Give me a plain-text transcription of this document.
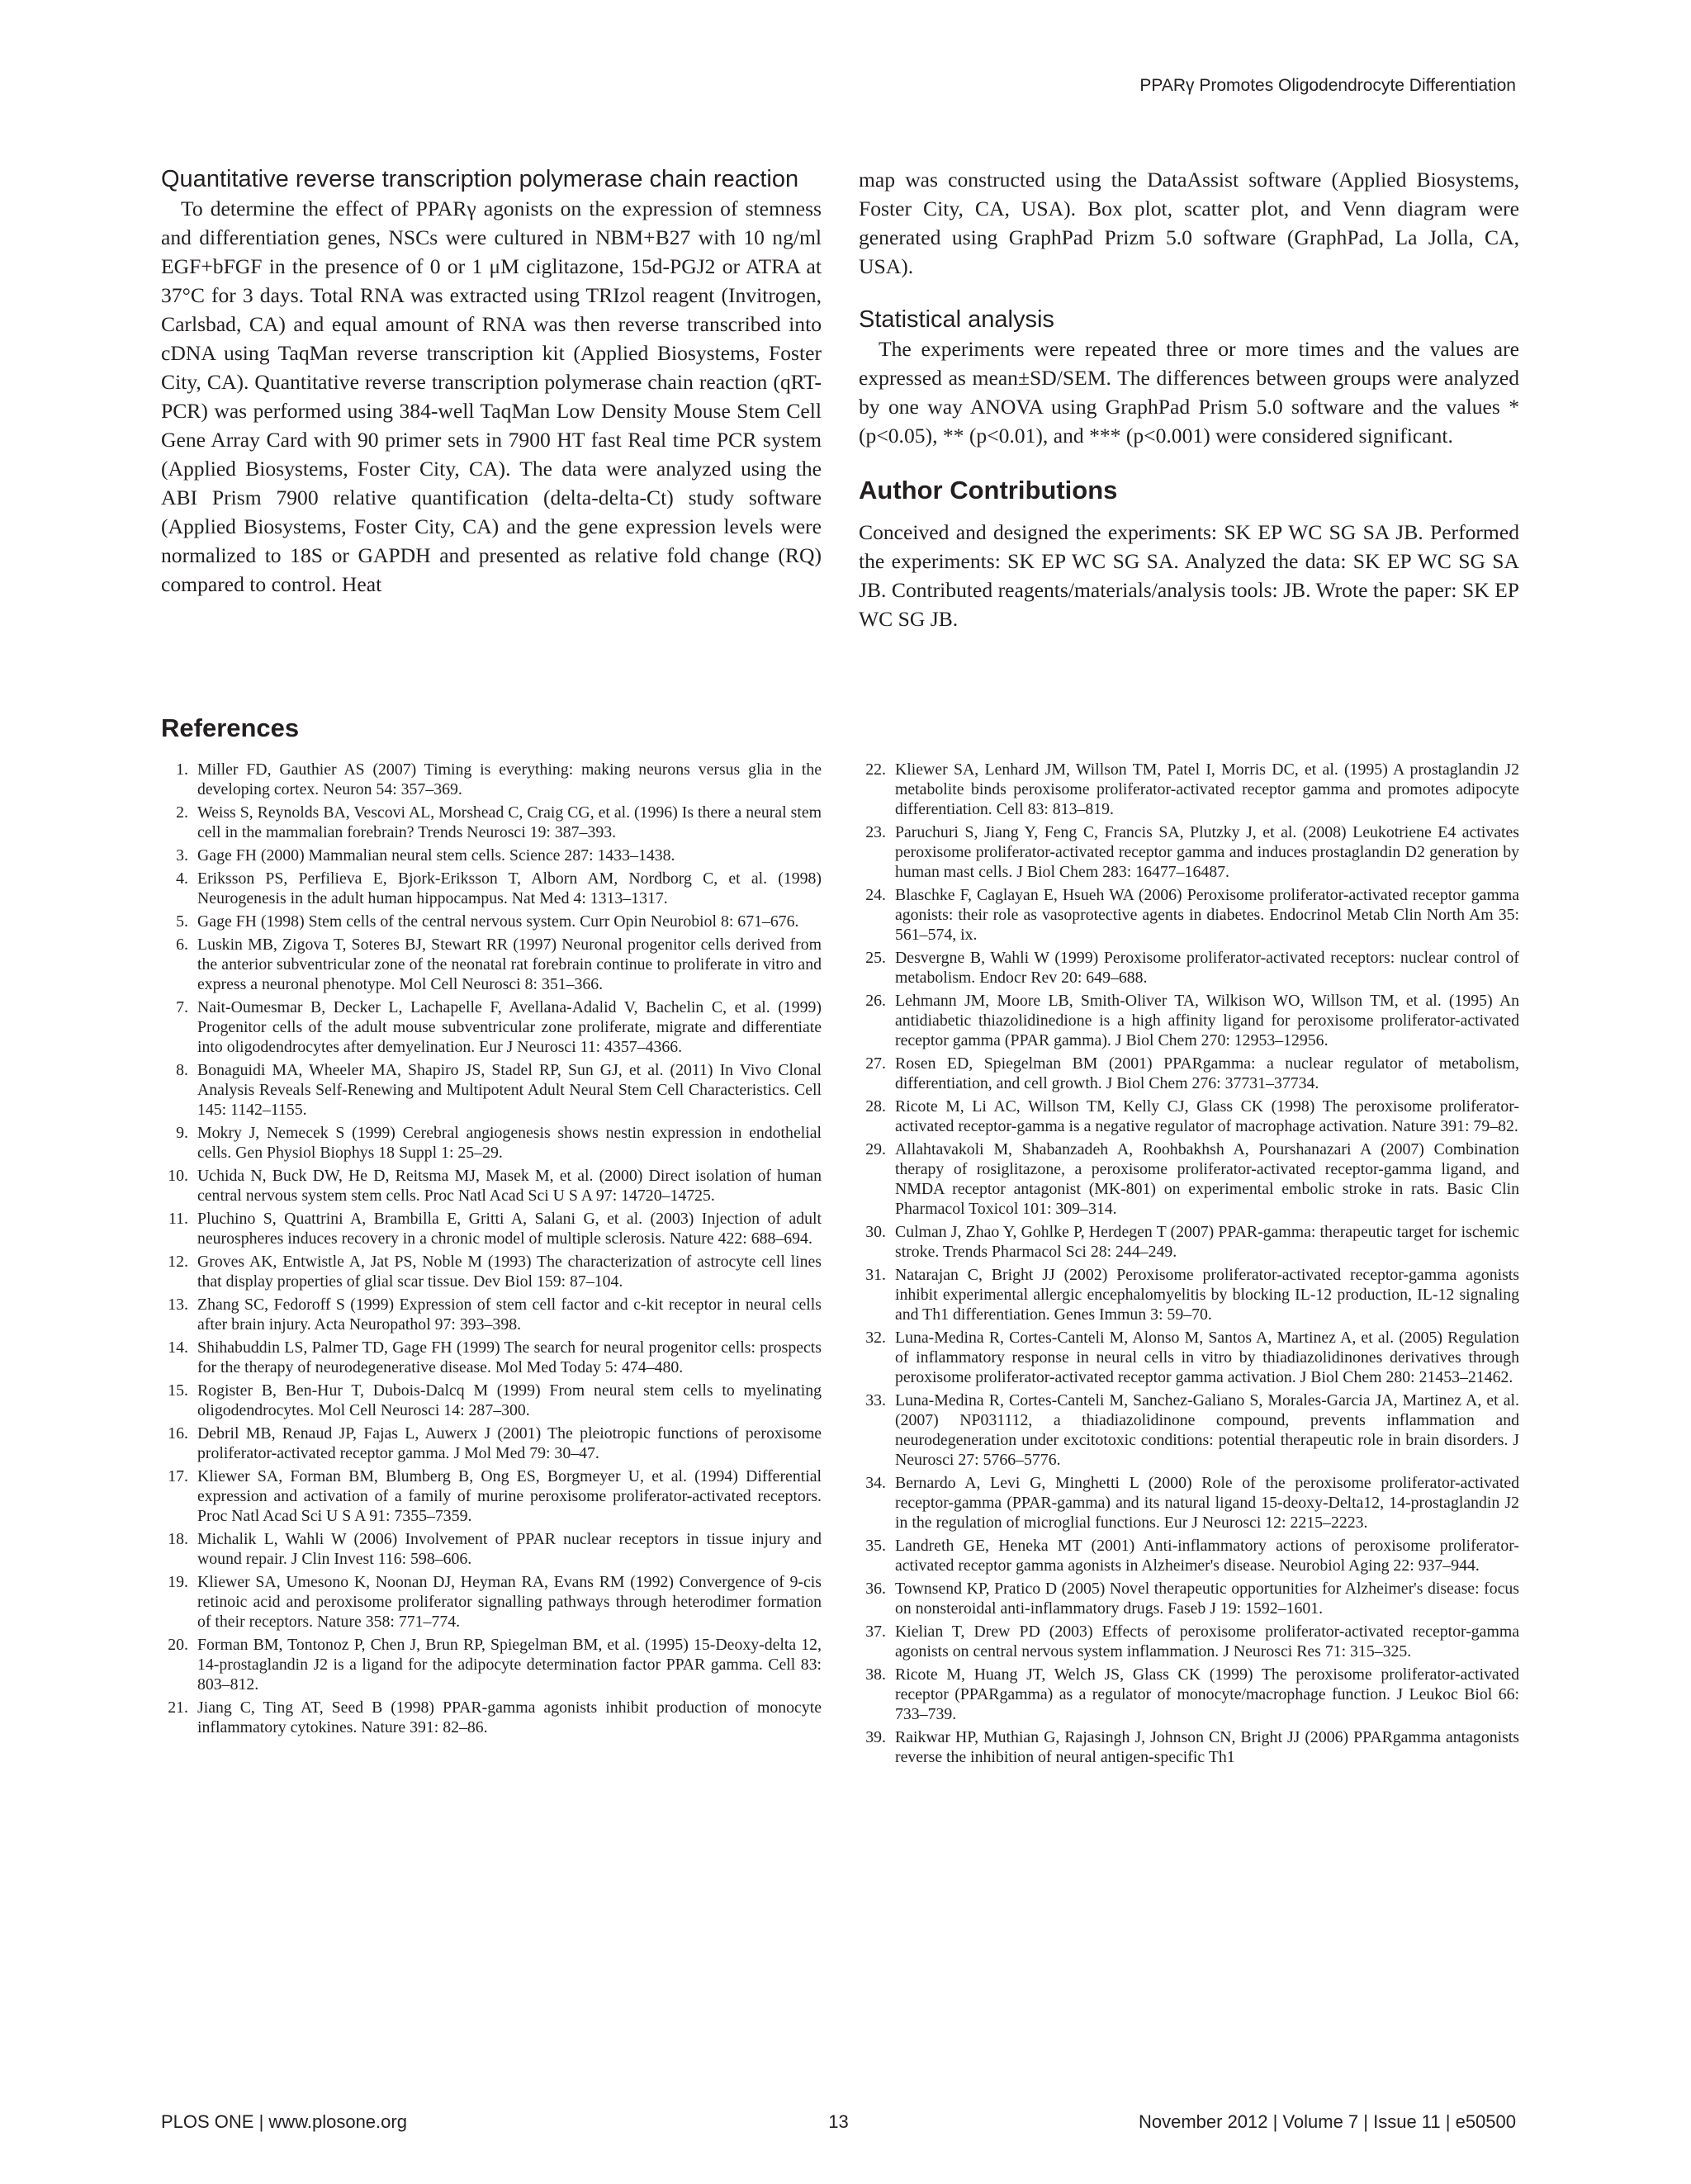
PPARγ Promotes Oligodendrocyte Differentiation
Quantitative reverse transcription polymerase chain reaction

To determine the effect of PPARγ agonists on the expression of stemness and differentiation genes, NSCs were cultured in NBM+B27 with 10 ng/ml EGF+bFGF in the presence of 0 or 1 μM ciglitazone, 15d-PGJ2 or ATRA at 37°C for 3 days. Total RNA was extracted using TRIzol reagent (Invitrogen, Carlsbad, CA) and equal amount of RNA was then reverse transcribed into cDNA using TaqMan reverse transcription kit (Applied Biosystems, Foster City, CA). Quantitative reverse transcription polymerase chain reaction (qRT-PCR) was performed using 384-well TaqMan Low Density Mouse Stem Cell Gene Array Card with 90 primer sets in 7900 HT fast Real time PCR system (Applied Biosystems, Foster City, CA). The data were analyzed using the ABI Prism 7900 relative quantification (delta-delta-Ct) study software (Applied Biosystems, Foster City, CA) and the gene expression levels were normalized to 18S or GAPDH and presented as relative fold change (RQ) compared to control. Heat

map was constructed using the DataAssist software (Applied Biosystems, Foster City, CA, USA). Box plot, scatter plot, and Venn diagram were generated using GraphPad Prizm 5.0 software (GraphPad, La Jolla, CA, USA).

Statistical analysis

The experiments were repeated three or more times and the values are expressed as mean±SD/SEM. The differences between groups were analyzed by one way ANOVA using GraphPad Prism 5.0 software and the values * (p<0.05), ** (p<0.01), and *** (p<0.001) were considered significant.

Author Contributions

Conceived and designed the experiments: SK EP WC SG SA JB. Performed the experiments: SK EP WC SG SA. Analyzed the data: SK EP WC SG SA JB. Contributed reagents/materials/analysis tools: JB. Wrote the paper: SK EP WC SG JB.

References
1. Miller FD, Gauthier AS (2007) Timing is everything: making neurons versus glia in the developing cortex. Neuron 54: 357–369.
2. Weiss S, Reynolds BA, Vescovi AL, Morshead C, Craig CG, et al. (1996) Is there a neural stem cell in the mammalian forebrain? Trends Neurosci 19: 387–393.
3. Gage FH (2000) Mammalian neural stem cells. Science 287: 1433–1438.
4. Eriksson PS, Perfilieva E, Bjork-Eriksson T, Alborn AM, Nordborg C, et al. (1998) Neurogenesis in the adult human hippocampus. Nat Med 4: 1313–1317.
5. Gage FH (1998) Stem cells of the central nervous system. Curr Opin Neurobiol 8: 671–676.
6. Luskin MB, Zigova T, Soteres BJ, Stewart RR (1997) Neuronal progenitor cells derived from the anterior subventricular zone of the neonatal rat forebrain continue to proliferate in vitro and express a neuronal phenotype. Mol Cell Neurosci 8: 351–366.
7. Nait-Oumesmar B, Decker L, Lachapelle F, Avellana-Adalid V, Bachelin C, et al. (1999) Progenitor cells of the adult mouse subventricular zone proliferate, migrate and differentiate into oligodendrocytes after demyelination. Eur J Neurosci 11: 4357–4366.
8. Bonaguidi MA, Wheeler MA, Shapiro JS, Stadel RP, Sun GJ, et al. (2011) In Vivo Clonal Analysis Reveals Self-Renewing and Multipotent Adult Neural Stem Cell Characteristics. Cell 145: 1142–1155.
9. Mokry J, Nemecek S (1999) Cerebral angiogenesis shows nestin expression in endothelial cells. Gen Physiol Biophys 18 Suppl 1: 25–29.
10. Uchida N, Buck DW, He D, Reitsma MJ, Masek M, et al. (2000) Direct isolation of human central nervous system stem cells. Proc Natl Acad Sci U S A 97: 14720–14725.
11. Pluchino S, Quattrini A, Brambilla E, Gritti A, Salani G, et al. (2003) Injection of adult neurospheres induces recovery in a chronic model of multiple sclerosis. Nature 422: 688–694.
12. Groves AK, Entwistle A, Jat PS, Noble M (1993) The characterization of astrocyte cell lines that display properties of glial scar tissue. Dev Biol 159: 87–104.
13. Zhang SC, Fedoroff S (1999) Expression of stem cell factor and c-kit receptor in neural cells after brain injury. Acta Neuropathol 97: 393–398.
14. Shihabuddin LS, Palmer TD, Gage FH (1999) The search for neural progenitor cells: prospects for the therapy of neurodegenerative disease. Mol Med Today 5: 474–480.
15. Rogister B, Ben-Hur T, Dubois-Dalcq M (1999) From neural stem cells to myelinating oligodendrocytes. Mol Cell Neurosci 14: 287–300.
16. Debril MB, Renaud JP, Fajas L, Auwerx J (2001) The pleiotropic functions of peroxisome proliferator-activated receptor gamma. J Mol Med 79: 30–47.
17. Kliewer SA, Forman BM, Blumberg B, Ong ES, Borgmeyer U, et al. (1994) Differential expression and activation of a family of murine peroxisome proliferator-activated receptors. Proc Natl Acad Sci U S A 91: 7355–7359.
18. Michalik L, Wahli W (2006) Involvement of PPAR nuclear receptors in tissue injury and wound repair. J Clin Invest 116: 598–606.
19. Kliewer SA, Umesono K, Noonan DJ, Heyman RA, Evans RM (1992) Convergence of 9-cis retinoic acid and peroxisome proliferator signalling pathways through heterodimer formation of their receptors. Nature 358: 771–774.
20. Forman BM, Tontonoz P, Chen J, Brun RP, Spiegelman BM, et al. (1995) 15-Deoxy-delta 12, 14-prostaglandin J2 is a ligand for the adipocyte determination factor PPAR gamma. Cell 83: 803–812.
21. Jiang C, Ting AT, Seed B (1998) PPAR-gamma agonists inhibit production of monocyte inflammatory cytokines. Nature 391: 82–86.
22. Kliewer SA, Lenhard JM, Willson TM, Patel I, Morris DC, et al. (1995) A prostaglandin J2 metabolite binds peroxisome proliferator-activated receptor gamma and promotes adipocyte differentiation. Cell 83: 813–819.
23. Paruchuri S, Jiang Y, Feng C, Francis SA, Plutzky J, et al. (2008) Leukotriene E4 activates peroxisome proliferator-activated receptor gamma and induces prostaglandin D2 generation by human mast cells. J Biol Chem 283: 16477–16487.
24. Blaschke F, Caglayan E, Hsueh WA (2006) Peroxisome proliferator-activated receptor gamma agonists: their role as vasoprotective agents in diabetes. Endocrinol Metab Clin North Am 35: 561–574, ix.
25. Desvergne B, Wahli W (1999) Peroxisome proliferator-activated receptors: nuclear control of metabolism. Endocr Rev 20: 649–688.
26. Lehmann JM, Moore LB, Smith-Oliver TA, Wilkison WO, Willson TM, et al. (1995) An antidiabetic thiazolidinedione is a high affinity ligand for peroxisome proliferator-activated receptor gamma (PPAR gamma). J Biol Chem 270: 12953–12956.
27. Rosen ED, Spiegelman BM (2001) PPARgamma: a nuclear regulator of metabolism, differentiation, and cell growth. J Biol Chem 276: 37731–37734.
28. Ricote M, Li AC, Willson TM, Kelly CJ, Glass CK (1998) The peroxisome proliferator-activated receptor-gamma is a negative regulator of macrophage activation. Nature 391: 79–82.
29. Allahtavakoli M, Shabanzadeh A, Roohbakhsh A, Pourshanazari A (2007) Combination therapy of rosiglitazone, a peroxisome proliferator-activated receptor-gamma ligand, and NMDA receptor antagonist (MK-801) on experimental embolic stroke in rats. Basic Clin Pharmacol Toxicol 101: 309–314.
30. Culman J, Zhao Y, Gohlke P, Herdegen T (2007) PPAR-gamma: therapeutic target for ischemic stroke. Trends Pharmacol Sci 28: 244–249.
31. Natarajan C, Bright JJ (2002) Peroxisome proliferator-activated receptor-gamma agonists inhibit experimental allergic encephalomyelitis by blocking IL-12 production, IL-12 signaling and Th1 differentiation. Genes Immun 3: 59–70.
32. Luna-Medina R, Cortes-Canteli M, Alonso M, Santos A, Martinez A, et al. (2005) Regulation of inflammatory response in neural cells in vitro by thiadiazolidinones derivatives through peroxisome proliferator-activated receptor gamma activation. J Biol Chem 280: 21453–21462.
33. Luna-Medina R, Cortes-Canteli M, Sanchez-Galiano S, Morales-Garcia JA, Martinez A, et al. (2007) NP031112, a thiadiazolidinone compound, prevents inflammation and neurodegeneration under excitotoxic conditions: potential therapeutic role in brain disorders. J Neurosci 27: 5766–5776.
34. Bernardo A, Levi G, Minghetti L (2000) Role of the peroxisome proliferator-activated receptor-gamma (PPAR-gamma) and its natural ligand 15-deoxy-Delta12, 14-prostaglandin J2 in the regulation of microglial functions. Eur J Neurosci 12: 2215–2223.
35. Landreth GE, Heneka MT (2001) Anti-inflammatory actions of peroxisome proliferator-activated receptor gamma agonists in Alzheimer's disease. Neurobiol Aging 22: 937–944.
36. Townsend KP, Pratico D (2005) Novel therapeutic opportunities for Alzheimer's disease: focus on nonsteroidal anti-inflammatory drugs. Faseb J 19: 1592–1601.
37. Kielian T, Drew PD (2003) Effects of peroxisome proliferator-activated receptor-gamma agonists on central nervous system inflammation. J Neurosci Res 71: 315–325.
38. Ricote M, Huang JT, Welch JS, Glass CK (1999) The peroxisome proliferator-activated receptor (PPARgamma) as a regulator of monocyte/macrophage function. J Leukoc Biol 66: 733–739.
39. Raikwar HP, Muthian G, Rajasingh J, Johnson CN, Bright JJ (2006) PPARgamma antagonists reverse the inhibition of neural antigen-specific Th1
PLOS ONE | www.plosone.org	13	November 2012 | Volume 7 | Issue 11 | e50500
